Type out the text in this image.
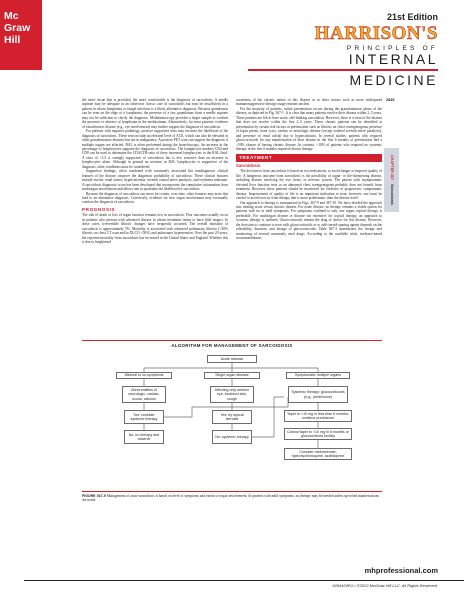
Mc
Graw
Hill
21st Edition
HARRISON'S
PRINCIPLES OF
INTERNAL
MEDICINE

the more tissue that is provided, the more comfortable is the diagnosis of sarcoidosis. A needle aspirate may be adequate in an otherwise classic case of sarcoidosis but may be insufficient in a patient in whom lymphoma or fungal infection is a likely alternative diagnosis. Because granulomas can be seen on the edge of a lymphoma, the presence of a few granulomas from a needle aspirate may not be sufficient to clarify the diagnosis. Mediastinoscopy provides a larger sample to confirm the presence or absence of lymphoma in the mediastinum. Alternatively, for most patients, evidence of extrathoracic disease (e.g., eye involvement) may further support the diagnosis of sarcoidosis.

For patients with negative pathology, positive supportive tests may increase the likelihood of the diagnosis of sarcoidosis. These tests include an elevated level of ACE, which can also be elevated in other granulomatous diseases but not in malignancy. A positive PET scan can support the diagnosis if multiple organs are affected. BAL is often performed during the bronchoscopy. An increase in the percentage of lymphocytes supports the diagnosis of sarcoidosis. The lymphocyte markers CD4 and CD8 can be used to determine the CD4/CD8 ratio of these increased lymphocytes in the BAL fluid. A ratio of >3.5 is strongly supportive of sarcoidosis but is less sensitive than an increase in lymphocytes alone. Although in general an increase in BAL lymphocytes is supportive of the diagnosis, other conditions must be considered.

Supportive findings, when combined with commonly associated but nondiagnostic clinical features of the disease, improve the diagnostic probability of sarcoidosis. These clinical features include uveitis, renal stones, hypercalcemia, seventh cranial nerve paralysis, and erythema nodosum. A sarcoidosis diagnostic score has been developed that incorporates the cumulative information from multiorgan involvement and allows one to quantitate the likelihood of sarcoidosis.

Because the diagnosis of sarcoidosis can never be certain, over time, other features may arise that lead to an alternative diagnosis. Conversely, evidence for new organ involvement may eventually confirm the diagnosis of sarcoidosis.

PROGNOSIS

The risk of death or loss of organ function remains low in sarcoidosis. Poor outcomes usually occur in patients who present with advanced disease in whom treatment seems to have little impact. In these cases, irreversible fibrotic changes have frequently occurred. The overall mortality of sarcoidosis is approximately 5%. Mortality is associated with advanced pulmonary fibrosis (>20% fibrosis on chest CT scan and/or DLCO <50%) and pulmonary hypertension. Over the past 20 years, the reported mortality from sarcoidosis has increased in the United States and England. Whether this is due to heightened

awareness of the chronic nature of this disease or to other factors such as more widespread immunosuppressive therapy usage remains unclear.

For the majority of patients, initial presentation occurs during the granulomatous phase of the disease, as depicted in Fig. 367-1. It is clear that many patients resolve their disease within 2–5 years. These patients are felt to have acute, self-limiting sarcoidosis. However, there is a form of the disease that does not resolve within the first 2–5 years. These chronic patients can be identified at presentation by certain risk factors at presentation such as fibrosis on chest roentgenogram, presence of lupus pernio, bone cysts, cardiac or neurologic disease (except isolated seventh nerve paralysis), and presence of renal calculi due to hypercalciuria. In several studies, patients who required glucocorticoids for any manifestation of their disease in the first 6 months of presentation had a >50% chance of having chronic disease. In contrast, <10% of patients who required no systemic therapy in the first 6 months required chronic therapy.

TREATMENT
Sarcoidosis

The decision to treat sarcoidosis is based on two indications: to avoid danger or improve quality of life. A dangerous outcome from sarcoidosis is the possibility of organ- or life-threatening disease, including disease involving the eye, heart, or nervous system. The patient with asymptomatic elevated liver function tests or an abnormal chest roentgenogram probably does not benefit from treatment. However, these patients should be monitored for evidence of progressive, symptomatic disease. Improvement of quality of life is an important indication to treat; however, one must be careful to avoid toxicity from therapy that is more problematic than the disease itself.

Our approach to therapy is summarized in Figs. 367-9 and 367-10. We have divided the approach into treating acute versus chronic disease. For acute disease, no therapy remains a viable option for patients with no or mild symptoms. For symptoms confined to only one organ, topical therapy is preferable. For multiorgan disease or disease too extensive for topical therapy, an approach to systemic therapy is outlined. Glucocorticoids remain the drug of choice for this disease. However, the decision to continue to treat with glucocorticoids or to add steroid-sparing agents depends on the tolerability, duration, and dosage of glucocorticoids. Table 367-3 summarizes the dosage and monitoring of several commonly used drugs. According to the available trials, evidence-based recommendations

2835
CHAPTER 367 Sarcoidosis
ALGORITHM FOR MANAGEMENT OF SARCOIDOSIS
Acute disease
Minimal to no symptoms	Single organ disease	Symptomatic multiple organs
Abnormalities of neurologic, cardiac, ocular, calcium
Affecting only anterior eye, localized skin, cough
Systemic therapy: glucocorticoids (e.g., prednisone)
Yes: consider systemic therapy
Yes: try topical steroids
Taper to <10 mg in less than 6 months: continue prednisone
No: no therapy and observe
No: systemic therapy
Cannot taper to <10 mg in 6 months or glucocorticoid toxicity
Consider methotrexate, hydroxychloroquine, azathioprine
FIGURE 367-9 Management of acute sarcoidosis is based on level of symptoms and extent of organ involvement. In patients with mild symptoms, no therapy may be needed unless specified manifestations are noted.
mhprofessional.com
9264424R1 • ©2022 McGraw Hill LLC. All Rights Reserved.
